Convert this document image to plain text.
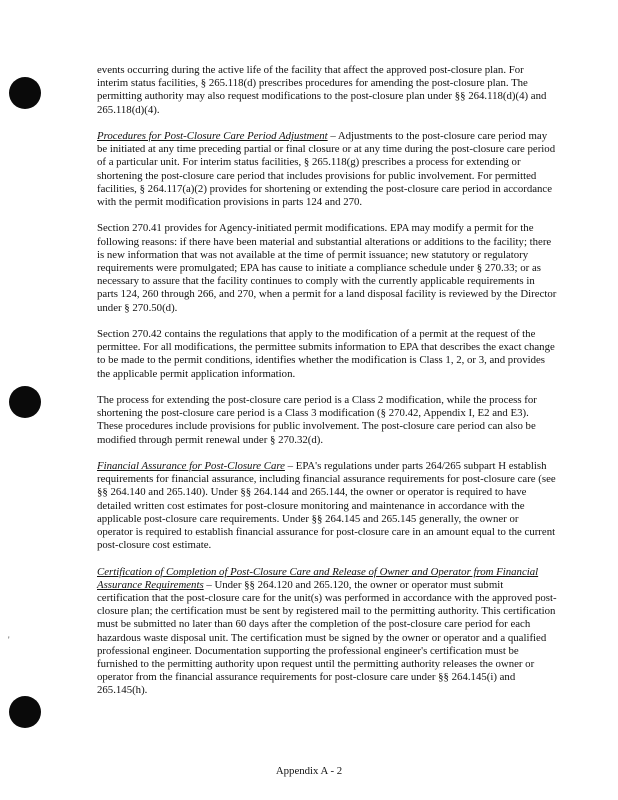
'

events occurring during the active life of the facility that affect the approved post-closure plan. For interim status facilities, § 265.118(d) prescribes procedures for amending the post-closure plan. The permitting authority may also request modifications to the post-closure plan under §§ 264.118(d)(4) and 265.118(d)(4).

Procedures for Post-Closure Care Period Adjustment – Adjustments to the post-closure care period may be initiated at any time preceding partial or final closure or at any time during the post-closure care period of a particular unit. For interim status facilities, § 265.118(g) prescribes a process for extending or shortening the post-closure care period that includes provisions for public involvement. For permitted facilities, § 264.117(a)(2) provides for shortening or extending the post-closure care period in accordance with the permit modification provisions in parts 124 and 270.

Section 270.41 provides for Agency-initiated permit modifications. EPA may modify a permit for the following reasons: if there have been material and substantial alterations or additions to the facility; there is new information that was not available at the time of permit issuance; new statutory or regulatory requirements were promulgated; EPA has cause to initiate a compliance schedule under § 270.33; or as necessary to assure that the facility continues to comply with the currently applicable requirements in parts 124, 260 through 266, and 270, when a permit for a land disposal facility is reviewed by the Director under § 270.50(d).

Section 270.42 contains the regulations that apply to the modification of a permit at the request of the permittee. For all modifications, the permittee submits information to EPA that describes the exact change to be made to the permit conditions, identifies whether the modification is Class 1, 2, or 3, and provides the applicable permit application information.

The process for extending the post-closure care period is a Class 2 modification, while the process for shortening the post-closure care period is a Class 3 modification (§ 270.42, Appendix I, E2 and E3). These procedures include provisions for public involvement. The post-closure care period can also be modified through permit renewal under § 270.32(d).

Financial Assurance for Post-Closure Care – EPA's regulations under parts 264/265 subpart H establish requirements for financial assurance, including financial assurance requirements for post-closure care (see §§ 264.140 and 265.140). Under §§ 264.144 and 265.144, the owner or operator is required to have detailed written cost estimates for post-closure monitoring and maintenance in accordance with the applicable post-closure care requirements. Under §§ 264.145 and 265.145 generally, the owner or operator is required to establish financial assurance for post-closure care in an amount equal to the current post-closure cost estimate.

Certification of Completion of Post-Closure Care and Release of Owner and Operator from Financial Assurance Requirements – Under §§ 264.120 and 265.120, the owner or operator must submit certification that the post-closure care for the unit(s) was performed in accordance with the approved post-closure plan; the certification must be sent by registered mail to the permitting authority. This certification must be submitted no later than 60 days after the completion of the post-closure care period for each hazardous waste disposal unit. The certification must be signed by the owner or operator and a qualified professional engineer. Documentation supporting the professional engineer's certification must be furnished to the permitting authority upon request until the permitting authority releases the owner or operator from the financial assurance requirements for post-closure care under §§ 264.145(i) and 265.145(h).

Appendix A - 2
